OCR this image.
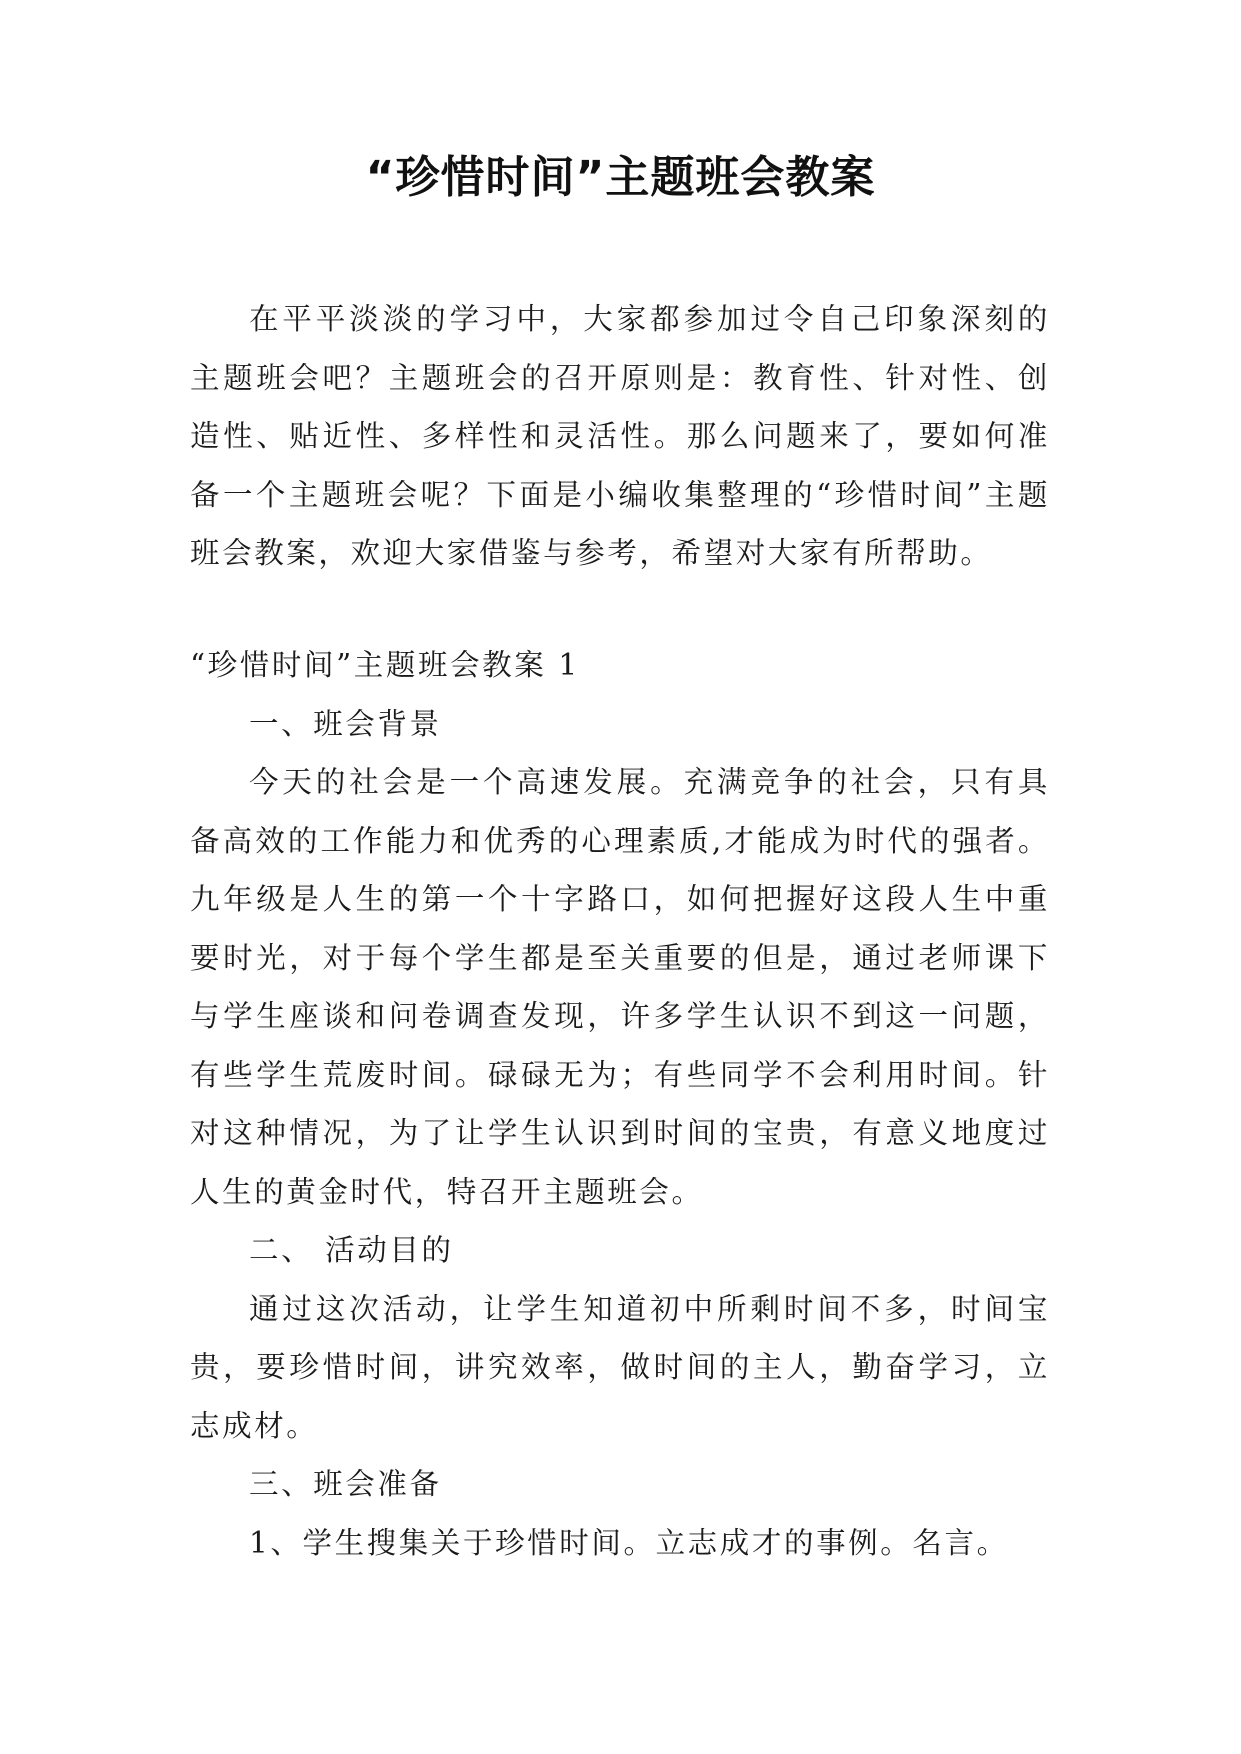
“珍惜时间”主题班会教案

在平平淡淡的学习中，大家都参加过令自己印象深刻的主题班会吧？主题班会的召开原则是：教育性、针对性、创造性、贴近性、多样性和灵活性。那么问题来了，要如何准备一个主题班会呢？下面是小编收集整理的“珍惜时间”主题班会教案，欢迎大家借鉴与参考，希望对大家有所帮助。

“珍惜时间”主题班会教案 1

一、班会背景

今天的社会是一个高速发展。充满竞争的社会，只有具备高效的工作能力和优秀的心理素质,才能成为时代的强者。九年级是人生的第一个十字路口，如何把握好这段人生中重要时光，对于每个学生都是至关重要的但是，通过老师课下与学生座谈和问卷调查发现，许多学生认识不到这一问题，有些学生荒废时间。碌碌无为；有些同学不会利用时间。针对这种情况，为了让学生认识到时间的宝贵，有意义地度过人生的黄金时代，特召开主题班会。

二、 活动目的

通过这次活动，让学生知道初中所剩时间不多，时间宝贵，要珍惜时间，讲究效率，做时间的主人，勤奋学习，立志成材。

三、班会准备

1、学生搜集关于珍惜时间。立志成才的事例。名言。
